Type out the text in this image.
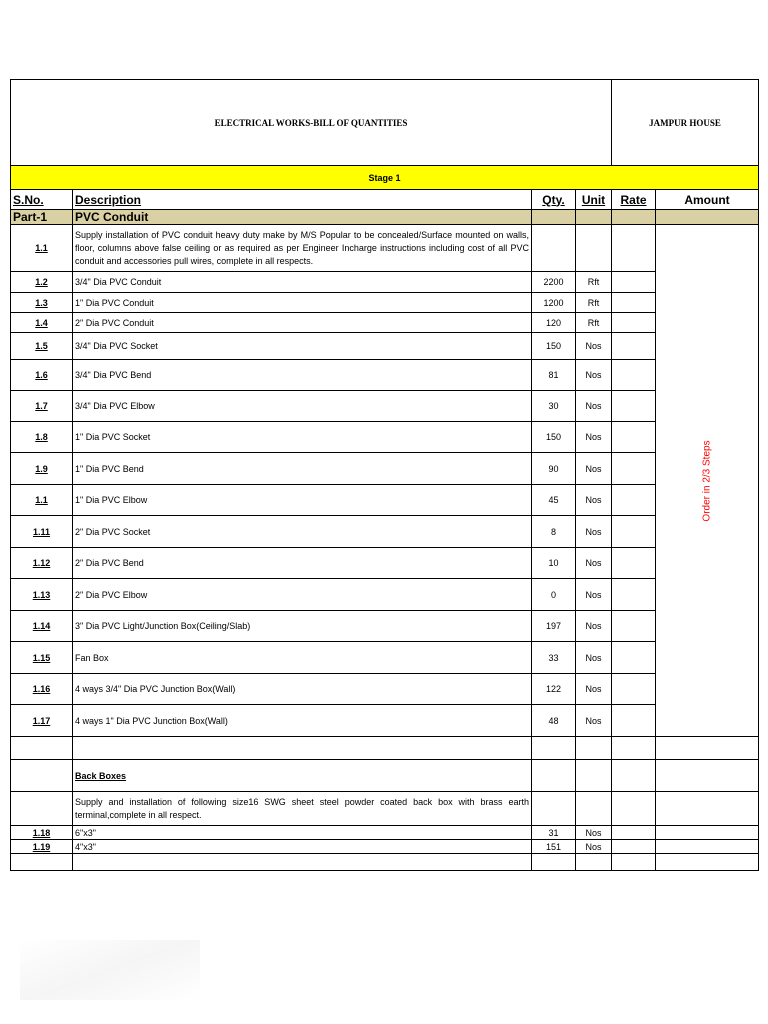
ELECTRICAL WORKS-BILL OF QUANTITIES				JAMPUR HOUSE	
Stage 1					
S.No.	Description	Qty.	Unit	Rate	Amount
Part-1	PVC Conduit				
1.1	Supply installation of PVC conduit heavy duty make by M/S Popular to be concealed/Surface mounted on walls, floor, columns above false ceiling or as required as per Engineer Incharge instructions including cost of all PVC conduit and accessories pull wires, complete in all respects.				Order in 2/3 Steps

1.2	3/4" Dia PVC Conduit	2200	Rft		
1.3	1" Dia PVC Conduit	1200	Rft		
1.4	2" Dia PVC Conduit	120	Rft		
1.5	3/4" Dia PVC Socket	150	Nos		
1.6	3/4" Dia PVC Bend	81	Nos		
1.7	3/4" Dia PVC Elbow	30	Nos		
1.8	1" Dia PVC Socket	150	Nos		
1.9	1" Dia PVC Bend	90	Nos		
1.1	1" Dia PVC Elbow	45	Nos		
1.11	2" Dia PVC Socket	8	Nos		
1.12	2" Dia PVC Bend	10	Nos		
1.13	2" Dia PVC Elbow	0	Nos		
1.14	3" Dia PVC Light/Junction Box(Ceiling/Slab)	197	Nos		
1.15	Fan Box	33	Nos		
1.16	4 ways 3/4" Dia PVC Junction Box(Wall)	122	Nos		
1.17	4 ways 1" Dia PVC Junction Box(Wall)	48	Nos		

	Back Boxes				
	Supply and installation of following size16 SWG sheet steel powder coated back box with brass earth terminal,complete in all respect.				
1.18	6"x3"	31	Nos		
1.19	4"x3"	151	Nos		
